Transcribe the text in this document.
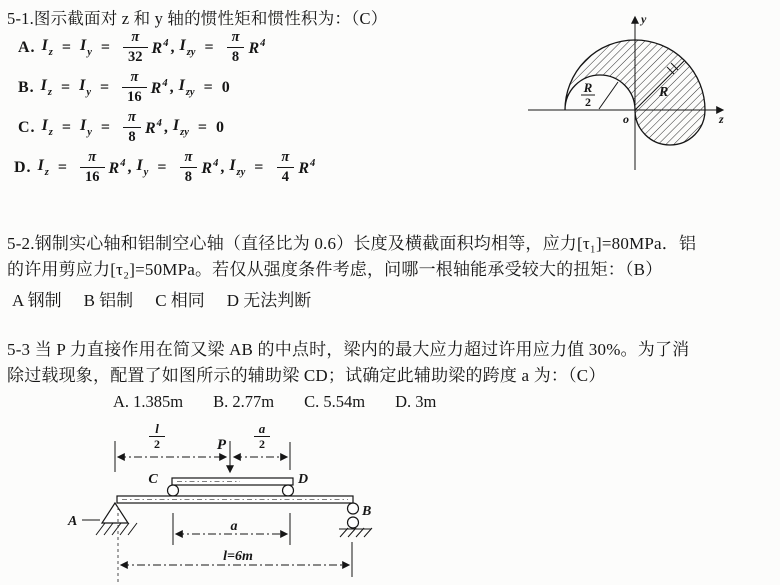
5-1.图示截面对 z 和 y 轴的惯性矩和惯性积为：（C）
A. $I_z = I_y = \frac{\pi}{32} R^4$ , $I_{zy} = \frac{\pi}{8} R^4$
B. $I_z = I_y = \frac{\pi}{16} R^4$ , $I_{zy} = 0$
C. $I_z = I_y = \frac{\pi}{8} R^4$ , $I_{zy} = 0$
D. $I_z = \frac{\pi}{16} R^4$ , $I_y = \frac{\pi}{8} R^4$ , $I_{zy} = \frac{\pi}{4} R^4$
y
z
o
R
R
2
5-2.钢制实心轴和铝制空心轴（直径比为 0.6）长度及横截面积均相等，应力[τ₁]=80MPa．铝
的许用剪应力[τ₂]=50MPa。若仅从强度条件考虑，问哪一根轴能承受较大的扭矩：（B）
A 钢制 B 铝制 C 相同 D 无法判断
5-3 当 P 力直接作用在简又梁 AB 的中点时，梁内的最大应力超过许用应力值 30%。为了消
除过载现象，配置了如图所示的辅助梁 CD；试确定此辅助梁的跨度 a 为：（C）
A. 1.385m B. 2.77m C. 5.54m D. 3m
l
2
a
2
P
C	D
A
B
a
l=6m
